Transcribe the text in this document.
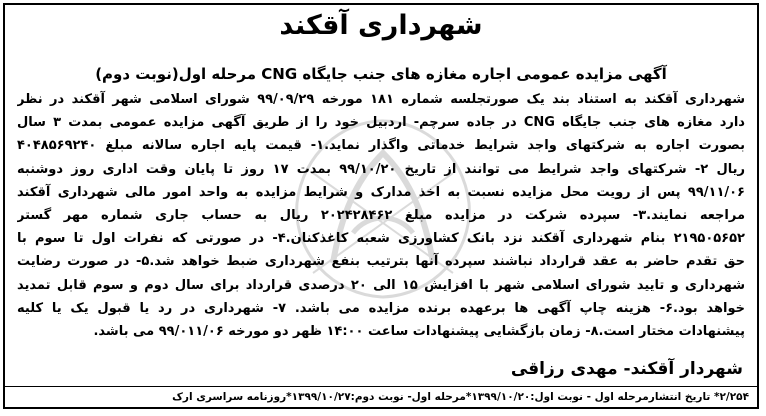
شهرداری آقکند
آگهی مزایده عمومی اجاره مغازه های جنب جایگاه CNG مرحله اول(نوبت دوم)
شهرداری آقکند به استناد بند یک صورتجلسه شماره ۱۸۱ مورخه ۹۹/۰۹/۲۹ شورای اسلامی شهر آقکند در نظر
دارد مغازه های جنب جایگاه CNG در جاده سرچم- اردبیل خود را از طریق آگهی مزایده عمومی بمدت ۳ سال
بصورت اجاره به شرکتهای واجد شرایط خدماتی واگذار نماید.۱- قیمت پایه اجاره سالانه مبلغ ۴۰۴۸۵۶۹۲۴۰
ریال ۲- شرکتهای واجد شرایط می توانند از تاریخ ۹۹/۱۰/۲۰ بمدت ۱۷ روز تا پایان وقت اداری روز دوشنبه
۹۹/۱۱/۰۶ پس از رویت محل مزایده نسبت به اخذ مدارک و شرایط مزایده به واحد امور مالی شهرداری آقکند
مراجعه نمایند.۳- سپرده شرکت در مزایده مبلغ ۲۰۲۴۲۸۴۶۲ ریال به حساب جاری شماره مهر گستر
۲۱۹۵۰۵۶۵۲ بنام شهرداری آقکند نزد بانک کشاورزی شعبه کاغذکنان.۴- در صورتی که نفرات اول تا سوم با
حق تقدم حاضر به عقد قرارداد نباشند سپرده آنها بترتیب بنفع شهرداری ضبط خواهد شد.۵- در صورت رضایت
شهرداری و تایید شورای اسلامی شهر با افزایش ۱۵ الی ۲۰ درصدی قرارداد برای سال دوم و سوم قابل تمدید
خواهد بود.۶- هزینه چاپ آگهی ها برعهده برنده مزایده می باشد. ۷- شهرداری در رد یا قبول یک یا کلیه
پیشنهادات مختار است.۸- زمان بازگشایی پیشنهادات ساعت ۱۴:۰۰ ظهر دو مورخه ۹۹/۰۱۱/۰۶ می باشد.
شهردار آقکند- مهدی رزاقی
۲/۲۵۴* تاریخ انتشارمرحله اول - نوبت اول:۱۳۹۹/۱۰/۲۰*مرحله اول- نوبت دوم:۱۳۹۹/۱۰/۲۷*روزنامه سراسری ارک
